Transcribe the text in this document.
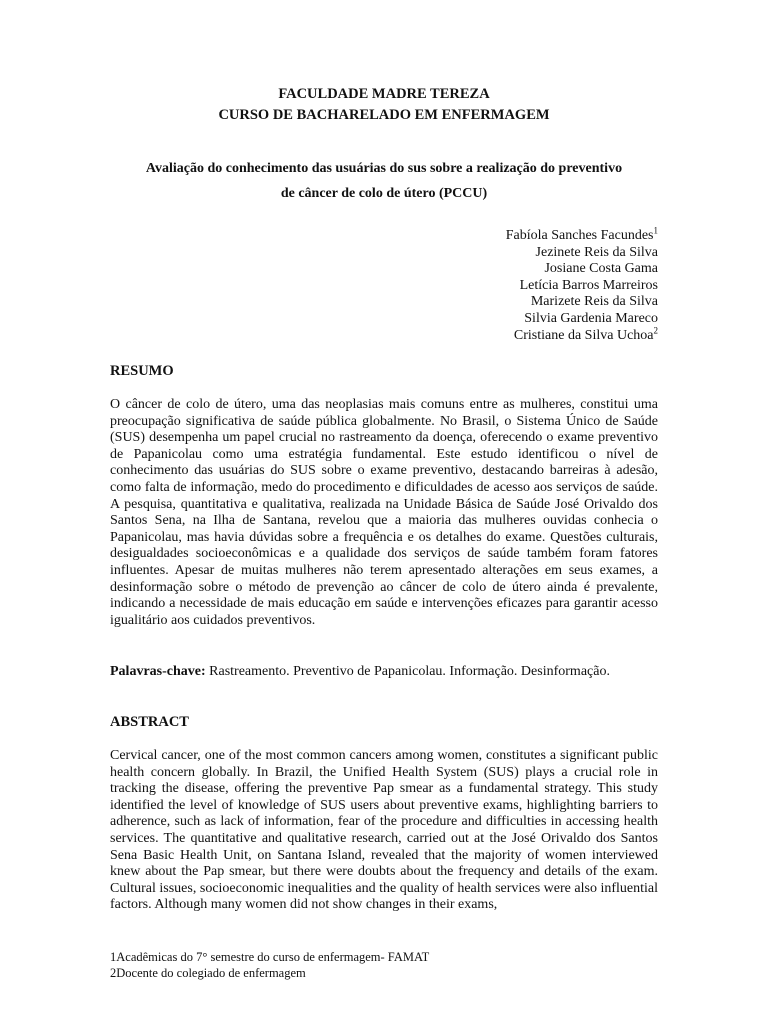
FACULDADE MADRE TEREZA
CURSO DE BACHARELADO EM ENFERMAGEM
Avaliação do conhecimento das usuárias do sus sobre a realização do preventivo
de câncer de colo de útero (PCCU)
Fabíola Sanches Facundes$^1$
Jezinete Reis da Silva
Josiane Costa Gama
Letícia Barros Marreiros
Marizete Reis da Silva
Silvia Gardenia Mareco
Cristiane da Silva Uchoa$^2$
RESUMO
O câncer de colo de útero, uma das neoplasias mais comuns entre as mulheres, constitui uma preocupação significativa de saúde pública globalmente. No Brasil, o Sistema Único de Saúde (SUS) desempenha um papel crucial no rastreamento da doença, oferecendo o exame preventivo de Papanicolau como uma estratégia fundamental. Este estudo identificou o nível de conhecimento das usuárias do SUS sobre o exame preventivo, destacando barreiras à adesão, como falta de informação, medo do procedimento e dificuldades de acesso aos serviços de saúde. A pesquisa, quantitativa e qualitativa, realizada na Unidade Básica de Saúde José Orivaldo dos Santos Sena, na Ilha de Santana, revelou que a maioria das mulheres ouvidas conhecia o Papanicolau, mas havia dúvidas sobre a frequência e os detalhes do exame. Questões culturais, desigualdades socioeconômicas e a qualidade dos serviços de saúde também foram fatores influentes. Apesar de muitas mulheres não terem apresentado alterações em seus exames, a desinformação sobre o método de prevenção ao câncer de colo de útero ainda é prevalente, indicando a necessidade de mais educação em saúde e intervenções eficazes para garantir acesso igualitário aos cuidados preventivos.
Palavras-chave: Rastreamento. Preventivo de Papanicolau. Informação. Desinformação.
ABSTRACT
Cervical cancer, one of the most common cancers among women, constitutes a significant public health concern globally. In Brazil, the Unified Health System (SUS) plays a crucial role in tracking the disease, offering the preventive Pap smear as a fundamental strategy. This study identified the level of knowledge of SUS users about preventive exams, highlighting barriers to adherence, such as lack of information, fear of the procedure and difficulties in accessing health services. The quantitative and qualitative research, carried out at the José Orivaldo dos Santos Sena Basic Health Unit, on Santana Island, revealed that the majority of women interviewed knew about the Pap smear, but there were doubts about the frequency and details of the exam. Cultural issues, socioeconomic inequalities and the quality of health services were also influential factors. Although many women did not show changes in their exams,
1Acadêmicas do 7° semestre do curso de enfermagem- FAMAT
2Docente do colegiado de enfermagem
